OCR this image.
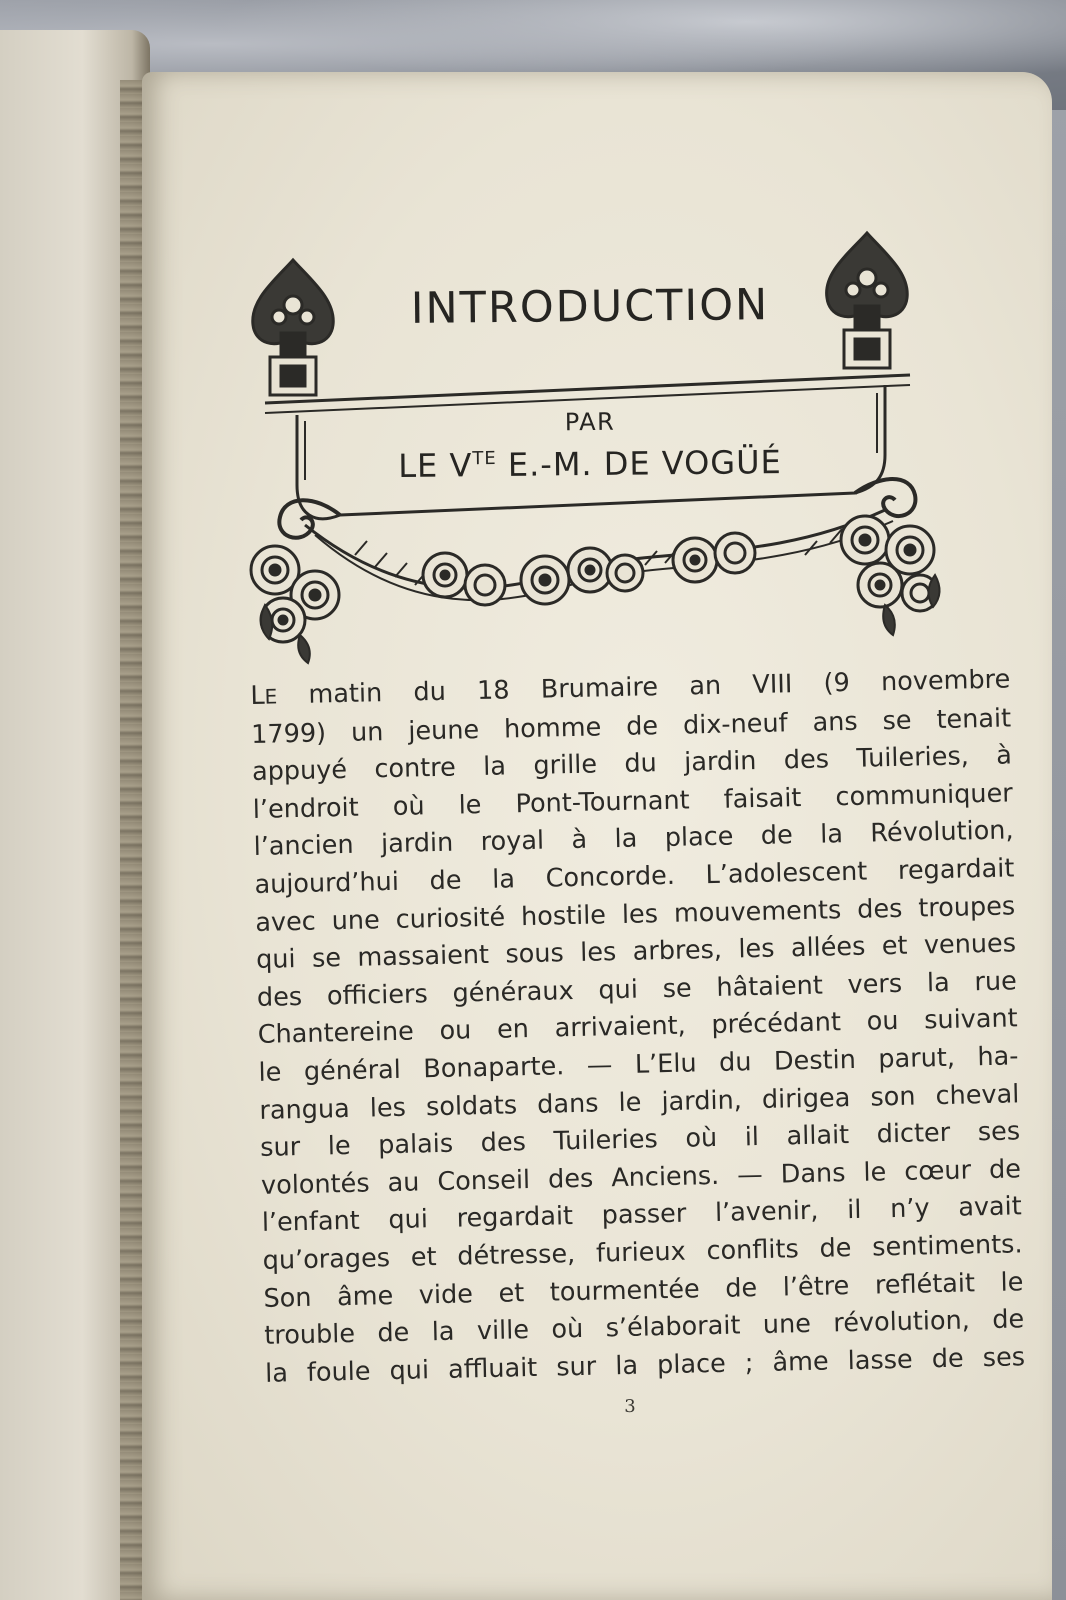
INTRODUCTION
PAR
LE $V^{TE}$ E.-M. DE VOGÜÉ
LE matin du 18 Brumaire an VIII (9 novembre
1799) un jeune homme de dix-neuf ans se tenait
appuyé contre la grille du jardin des Tuileries, à
l’endroit où le Pont-Tournant faisait communiquer
l’ancien jardin royal à la place de la Révolution,
aujourd’hui de la Concorde. L’adolescent regardait
avec une curiosité hostile les mouvements des troupes
qui se massaient sous les arbres, les allées et venues
des officiers généraux qui se hâtaient vers la rue
Chantereine ou en arrivaient, précédant ou suivant
le général Bonaparte. — L’Elu du Destin parut, ha-
rangua les soldats dans le jardin, dirigea son cheval
sur le palais des Tuileries où il allait dicter ses
volontés au Conseil des Anciens. — Dans le cœur de
l’enfant qui regardait passer l’avenir, il n’y avait
qu’orages et détresse, furieux conflits de sentiments.
Son âme vide et tourmentée de l’être reflétait le
trouble de la ville où s’élaborait une révolution, de
la foule qui affluait sur la place ; âme lasse de ses
3
